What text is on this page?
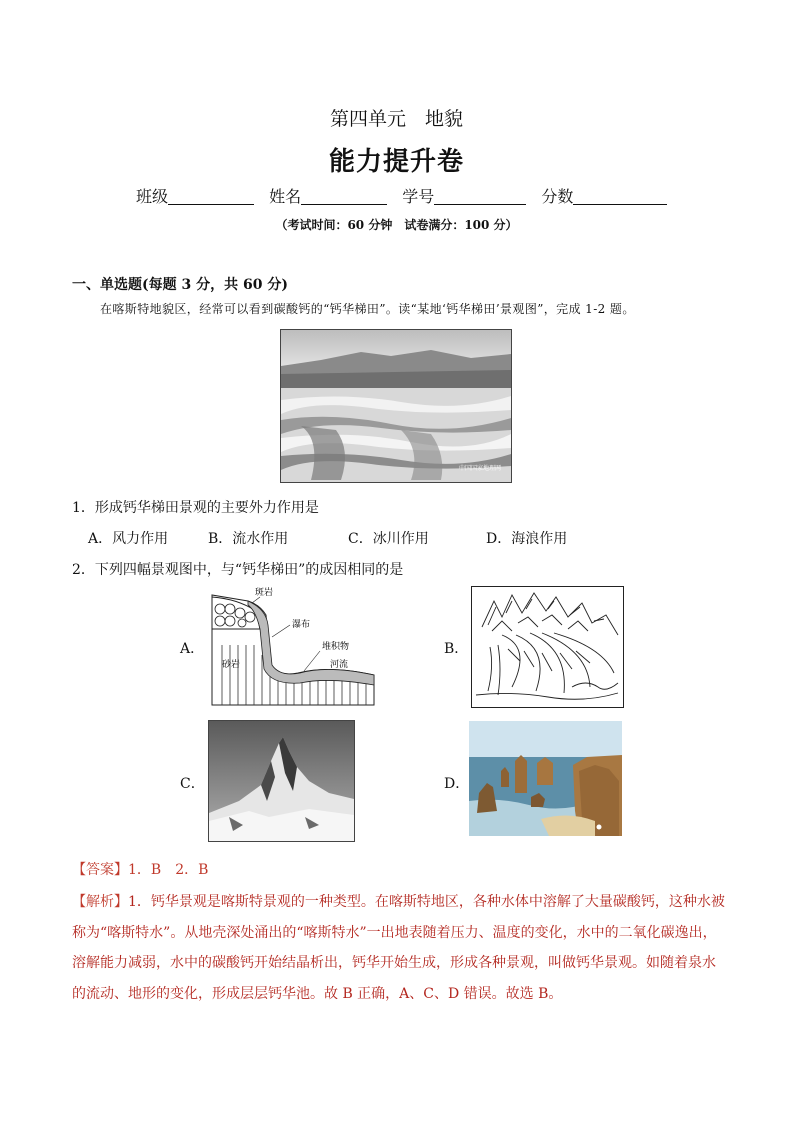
第四单元　地貌
能力提升卷
班级	姓名	学号	分数
（考试时间：60 分钟　试卷满分：100 分）
一、单选题(每题 3 分，共 60 分)
在喀斯特地貌区，经常可以看到碳酸钙的“钙华梯田”。读“某地‘钙华梯田’景观图”，完成 1-2 题。
中国国家地理网
1．形成钙华梯田景观的主要外力作用是
A．风力作用	B．流水作用	C．冰川作用	D．海浪作用
2．下列四幅景观图中，与“钙华梯田”的成因相同的是
A．
斑岩
瀑布
堆积物
砂岩	河流
B．
C．	D．
【答案】1．B　2．B
【解析】1．钙华景观是喀斯特景观的一种类型。在喀斯特地区，各种水体中溶解了大量碳酸钙，这种水被称为“喀斯特水”。从地壳深处涌出的“喀斯特水”一出地表随着压力、温度的变化，水中的二氧化碳逸出，溶解能力减弱，水中的碳酸钙开始结晶析出，钙华开始生成，形成各种景观，叫做钙华景观。如随着泉水的流动、地形的变化，形成层层钙华池。故 B 正确，A、C、D 错误。故选 B。
